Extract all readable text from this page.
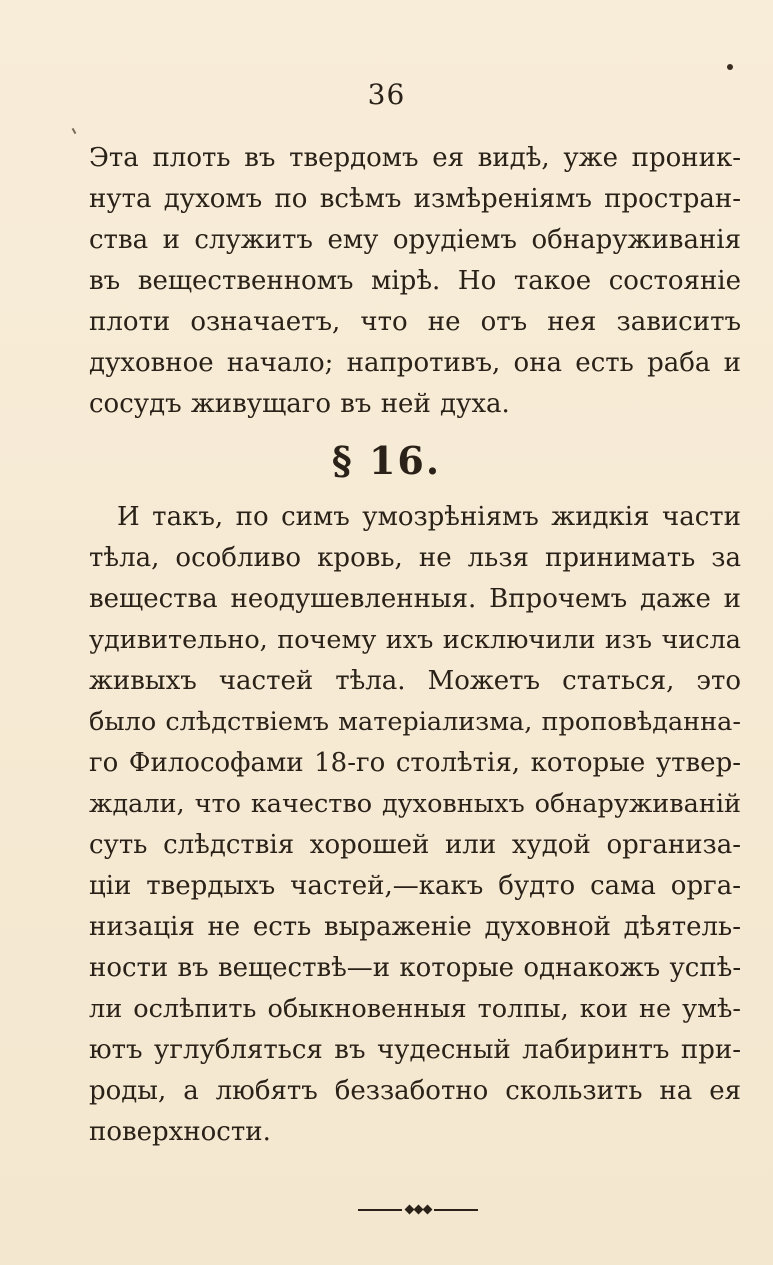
36
Эта плоть въ твердомъ ея видѣ, уже проник-
нута духомъ по всѣмъ измѣреніямъ простран-
ства и служитъ ему орудіемъ обнаруживанія
въ вещественномъ мірѣ. Но такое состояніе
плоти означаетъ, что не отъ нея зависитъ
духовное начало; напротивъ, она есть раба и
сосудъ живущаго въ ней духа.
§ 16.
И такъ, по симъ умозрѣніямъ жидкія части
тѣла, особливо кровь, не льзя принимать за
вещества неодушевленныя. Впрочемъ даже и
удивительно, почему ихъ исключили изъ числа
живыхъ частей тѣла. Можетъ статься, это
было слѣдствіемъ матеріализма, проповѣданна-
го Философами 18-го столѣтія, которые утвер-
ждали, что качество духовныхъ обнаруживаній
суть слѣдствія хорошей или худой организа-
ціи твердыхъ частей,—какъ будто сама орга-
низація не есть выраженіе духовной дѣятель-
ности въ веществѣ—и которые однакожъ успѣ-
ли ослѣпить обыкновенныя толпы, кои не умѣ-
ютъ углубляться въ чудесный лабиринтъ при-
роды, а любятъ беззаботно скользить на ея
поверхности.
